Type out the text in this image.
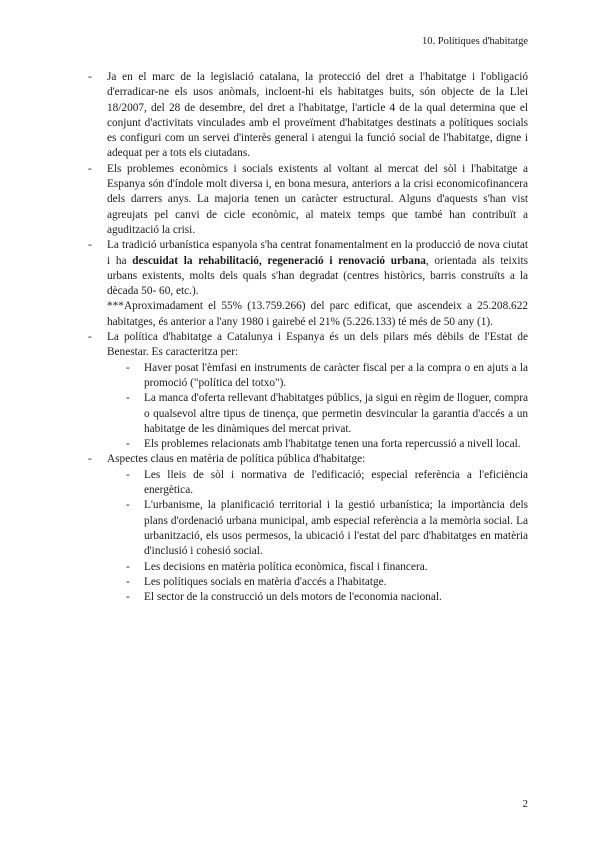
10. Polítiques d'habitatge
- Ja en el marc de la legislació catalana, la protecció del dret a l'habitatge i l'obligació d'erradicar-ne els usos anòmals, incloent-hi els habitatges buits, són objecte de la Llei 18/2007, del 28 de desembre, del dret a l'habitatge, l'article 4 de la qual determina que el conjunt d'activitats vinculades amb el proveïment d'habitatges destinats a polítiques socials es configuri com un servei d'interès general i atengui la funció social de l'habitatge, digne i adequat per a tots els ciutadans.
- Els problemes econòmics i socials existents al voltant al mercat del sòl i l'habitatge a Espanya són d'índole molt diversa i, en bona mesura, anteriors a la crisi economicofinancera dels darrers anys. La majoria tenen un caràcter estructural. Alguns d'aquests s'han vist agreujats pel canvi de cicle econòmic, al mateix temps que també han contribuït a agudització la crisi.
- La tradició urbanística espanyola s'ha centrat fonamentalment en la producció de nova ciutat i ha descuidat la rehabilitació, regeneració i renovació urbana, orientada als teixits urbans existents, molts dels quals s'han degradat (centres històrics, barris construïts a la dècada 50- 60, etc.).
***Aproximadament el 55% (13.759.266) del parc edificat, que ascendeix a 25.208.622 habitatges, és anterior a l'any 1980 i gairebé el 21% (5.226.133) té més de 50 any (1).
- La política d'habitatge a Catalunya i Espanya és un dels pilars més dèbils de l'Estat de Benestar. Es caracteritza per:
- Haver posat l'èmfasi en instruments de caràcter fiscal per a la compra o en ajuts a la promoció ("política del totxo").
- La manca d'oferta rellevant d'habitatges públics, ja sigui en règim de lloguer, compra o qualsevol altre tipus de tinença, que permetin desvincular la garantia d'accés a un habitatge de les dinàmiques del mercat privat.
- Els problemes relacionats amb l'habitatge tenen una forta repercussió a nivell local.
- Aspectes claus en matèria de política pública d'habitatge:
- Les lleis de sòl i normativa de l'edificació; especial referència a l'eficiència energètica.
- L'urbanisme, la planificació territorial i la gestió urbanística; la importància dels plans d'ordenació urbana municipal, amb especial referència a la memòria social. La urbanització, els usos permesos, la ubicació i l'estat del parc d'habitatges en matèria d'inclusió i cohesió social.
- Les decisions en matèria política econòmica, fiscal i financera.
- Les polítiques socials en matèria d'accés a l'habitatge.
- El sector de la construcció un dels motors de l'economia nacional.
2
